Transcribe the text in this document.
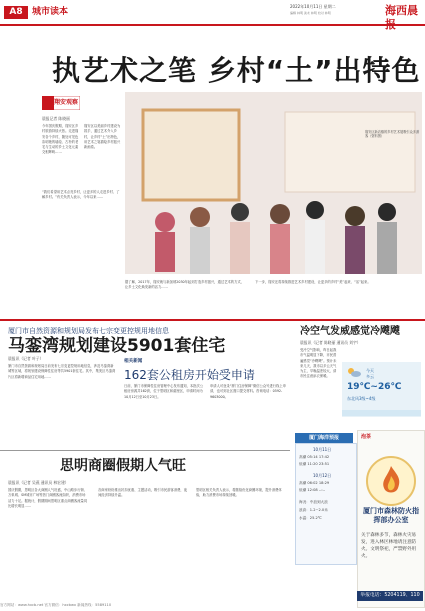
A8	城市读本
2022年10月11日 星期二
编辑 林明 美术 林明 校对 林明	海西晨报
执艺术之笔 乡村“土”出特色
翔安观察
晨报记者 陈晓丽
今年国庆假期，翔安区乡村旅游持续火热。走进翔安各个乡村，随处可见色彩明艳的墙绘、古朴的老宅与生动的乡土文化元素交相辉映……
翔安区以美丽乡村建设为抓手，通过艺术介入乡村，让乡村“土”出特色，用艺术之笔描绘乡村振兴新画卷。
翔安区新店镇的乡村艺术展吸引众多游客（资料图）
“我们希望用艺术点亮乡村，让更多的人走进乡村、了解乡村。”有关负责人表示，今年以来……
据了解，2017年，翔安就与新加坡2030年起到打造乡村振兴，通过艺术的方式，让乡土文化焕发新的活力……
下一步，翔安还将持续推进艺术乡村建设，让更多的乡村“美”起来、“活”起来。
厦门市自然资源和规划局发布七宗变更控规用地信息
马銮湾规划建设5901套住宅
晨报讯（记者 叶子）
厦门市自然资源和规划局日前发布七宗变更控规用地信息，涉及马銮湾新城等区域，将规划建设保障性住房等共5901套住宅。其中，集美区马銮湾片区将新增商品住宅用地……
相关新闻
162套公租房开始受申请
日前，厦门市保障性住房管理中心发布通知，本批次公租房房源共162套，位于思明区和湖里区，申请时间为10月12日至10月23日。
申请人可登录“厦门住房保障”微信公众号进行线上申请，也可到社区窗口提交材料。咨询电话：0592-9603000。
思明商圈假期人气旺
晨报讯（记者 吴燕 通讯员 林宏建）
国庆假期，思明区各大商圈人气旺盛，中山路步行街、万象城、SM城市广场等热门商圈客流如织，消费市场活力十足。据统计，假期期间思明区重点商圈客流量同比增长明显……
各商家纷纷推出折扣优惠、主题活动，吸引市民游客消费，夜间经济持续升温。
思明区相关负责人表示，将继续优化商圈环境，提升消费体验，助力消费市场持续回暖。
冷空气发威 感觉冷飕飕
晨报讯（记者 陈晓丽 通讯员 刘宇）
受冷空气影响，昨日起我市气温明显下降，市民普遍感觉“冷飕飕”。预计未来几天，我市以多云天气为主，早晚温差较大，请市民注意添衣保暖。
今天
多云
19℃~26℃
东北风3级~4级
厦门海洋预报
10月11日
高潮 05:14 17:42
低潮 11:20 23:51
10月12日
高潮 06:02 18:29
低潮 12:08 --:--
海况：中浪到大浪
浪高：1.2~2.0米
水温：25.2℃
泡茶
厦门市森林防火指挥部办公室
关于森林多节，森林火灾易发，进入林区林地请注意防火。文明祭祀，严禁野外用火。
举报电话：5204119、110
官方网站：www.hxcb.net 官方微信：hxcbwx 新闻热线：5589110
